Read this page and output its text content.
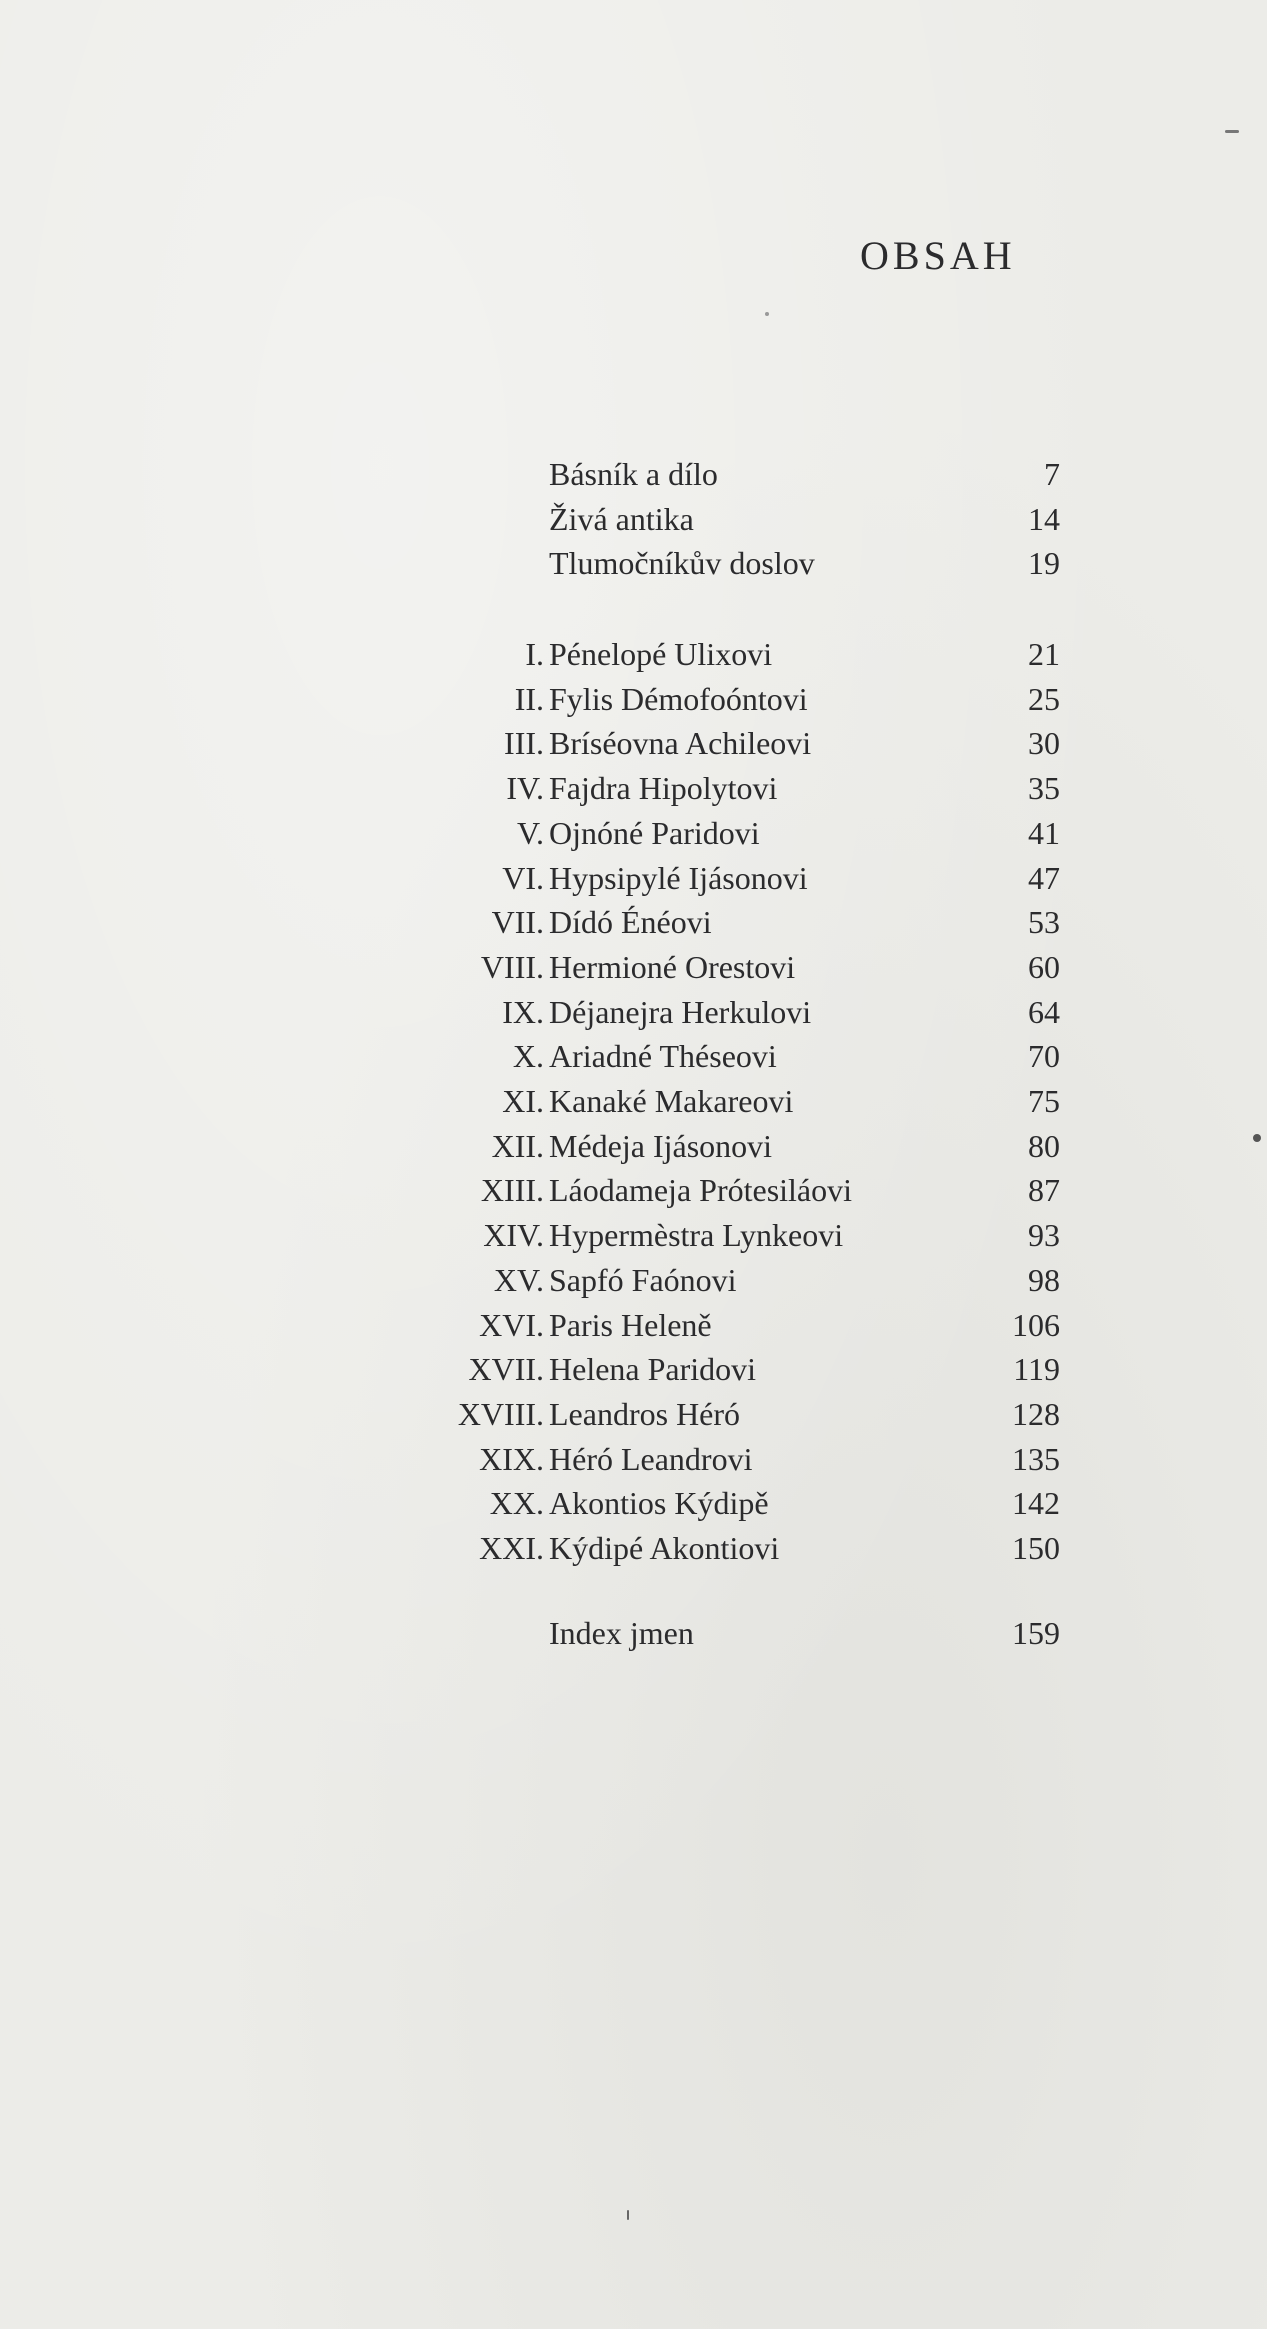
OBSAH
Básník a dílo	7
Živá antika	14
Tlumočníkův doslov	19
I. Pénelopé Ulixovi	21
II. Fylis Démofoóntovi	25
III. Bríséovna Achileovi	30
IV. Fajdra Hipolytovi	35
V. Ojnóné Paridovi	41
VI. Hypsipylé Ijásonovi	47
VII. Dídó Énéovi	53
VIII. Hermioné Orestovi	60
IX. Déjanejra Herkulovi	64
X. Ariadné Théseovi	70
XI. Kanaké Makareovi	75
XII. Médeja Ijásonovi	80
XIII. Láodameja Prótesiláovi	87
XIV. Hypermèstra Lynkeovi	93
XV. Sapfó Faónovi	98
XVI. Paris Heleně	106
XVII. Helena Paridovi	119
XVIII. Leandros Héró	128
XIX. Héró Leandrovi	135
XX. Akontios Kýdipě	142
XXI. Kýdipé Akontiovi	150
Index jmen	159
